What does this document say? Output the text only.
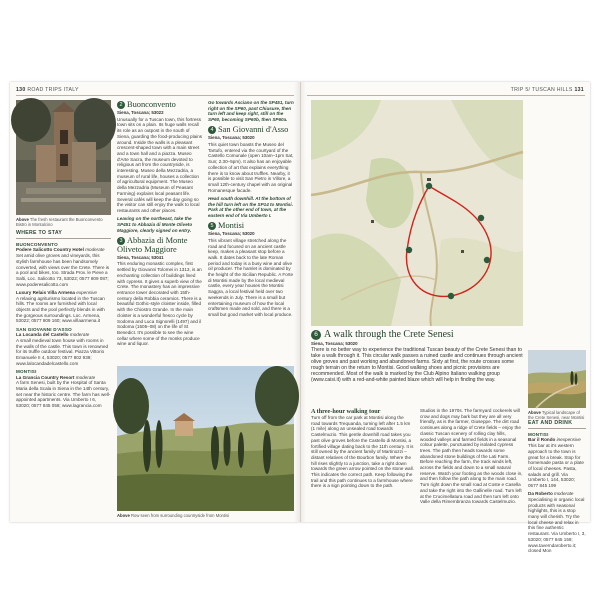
130 ROAD TRIPS ITALY
Above The fresh restaurant the Buonconvento Bistro in Montalcino
WHERE TO STAY
BUONCONVENTO

Podere Salicotto Country Hotel moderate
Set amid olive groves and vineyards, this stylish farmhouse has been handsomely converted, with views over the Crete. There is a pool and bikes, too. Strada Prov. le Pieve a Salti, Loc. Salicotto 73, 53022; 0577 809 087; www.poderesalicotto.com

Luxury Relais Villa Armena expensive
A relaxing agriturismo located in the Tuscan hills. The rooms are furnished with local objects and the pool perfectly blends in with the gorgeous surroundings. Loc. Armena, 53022; 0577 809 160; www.villaarmena.it

SAN GIOVANNI D'ASSO

La Locanda del Castello moderate
A small medieval town house with rooms in the walls of the castle. This town is renowned for its truffle outdoor festival. Piazza Vittorio Emanuele II 4, 53020; 0577 802 939; www.lalocandadelcastello.com

MONTISI

La Grancia Country Resort moderate
A farm Senesi, built by the Hospital of Santa Maria della Scala in Siena in the 14th century, set near the historic centre. The farm has well-appointed apartments. Via Umberto I 6, 53020; 0577 845 058; www.lagrancia.com

2 Buonconvento
Siena, Toscana; 53022

Unusually for a Tuscan town, this fortress town sits on a plain. Its huge walls recall its role as an outpost in the south of Siena, guarding the food-producing plains around. Inside the walls is a pleasant crescent-shaped town with a main street and a town hall and a piazza. Museo d'Arte Sacra, the museum devoted to religious art from the countryside, is interesting. Museo della Mezzadria, a museum of rural life, houses a collection of agricultural equipment. The Museo della Mezzadria (Museum of Peasant Farming) explains local peasant life. Several cafés will keep the day going so the visitor can still enjoy the walk to local restaurants and other places.

Leaving on the northeast, take the SP451 to Abbazia di Monte Oliveto Maggiore, clearly signed on entry.

3 Abbazia di Monte Oliveto Maggiore
Siena, Toscana; 53041

This enduring monastic complex, first settled by Giovanni Tolomei in 1313, is an enchanting collection of buildings lined with cypress. It gives a superb view of the Crete. The monastery has an impressive entrance tower decorated with 15th-century della Robbia ceramics. There is a beautiful Gothic-style cloister inside, filled with the Chiostro Grande. In the main cloister is a wonderful fresco cycle by Sodoma and Luca Signorelli (1497) and il Sodoma (1505–08) on the life of St Benedict. It's possible to see the wine cellar where some of the monks produce wine and liquor.

Go towards Asciano on the SP451, turn right on the SP60, past Chiusure, then turn left and keep right, still on the SP60, becoming SP60b, then SP60a.

4 San Giovanni d'Asso
Siena, Toscana; 53020

This quiet town boasts the Museo del Tartufo, entered via the courtyard of the Castello Comunale (open 10am–1pm Sat, Sun; 2.30–5pm). It also has an enjoyable collection of art that explains everything there is to know about truffles. Nearby, it is possible to visit San Pietro in Villore, a small 12th-century chapel with an original Romanesque facade.

Head south downhill. At the bottom of the hill turn left on the SP14 to Montisi. Park at the other end of town, at the eastern end of Via Umberto I.

5 Montisi
Siena, Toscana; 53020

This vibrant village stretched along the road and focused on an ancient castle keep, makes a pleasant stop before a walk. It dates back to the late Roman period and today is a busy wine and olive oil producer. The hamlet is dominated by the height of the Sicilian Republic. A Forte di Montisi made by the local medieval castle, every year houses the Montisi Saggra, a local festival held over two weekends in July. There is a small but entertaining museum of how the local craftsmen made and sold, and there is a small but good market with local produce.

Above Row seen from surrounding countryside from Montisi
TRIP 5/ TUSCAN HILLS 131
6 A walk through the Crete Senesi
Siena, Toscana; 53020
There is no better way to experience the traditional Tuscan beauty of the Crete Senesi than to take a walk through it. This circular walk passes a ruined castle and continues through ancient olive groves and past working and abandoned farms. Sixty at first, the route crosses some rough terrain on the return to Montisi. Good walking shoes and picnic provisions are recommended. Most of the walk is marked by the Club Alpino Italiano walking group (www.caisi.it) with a red-and-white painted blaze which will help in finding the way.
A three-hour walking tour

Turn off from the car park at Montisi along the road towards Trequanda, turning left after 1.5 km (1 mile) along an unsealed road towards Castelmuzio. This gentle downhill road takes you past olive groves before the Castello di Montisi, a fortified village dating back to the 11th century. It is still owned by the ancient family of Martinozzi – distant relatives of the Bourbon family. Where the hill rises slightly to a junction, take a right down towards the green arrow pointed on the stone wall. This indicates the correct path. Keep following the trail and this path continues to a farmhouse where there is a sign pointing down to the path.

Studios in the 1970s. The farmyard cockerels will crow and dogs may bark but they are all very friendly, as is the farmer, Giuseppe. The dirt road continues along a ridge of Crete fields – enjoy the classic Tuscan scenery of rolling clay hills, wooded valleys and farmed fields in a seasonal colour palette, punctuated by isolated cypress trees. The path then heads towards some abandoned stone buildings of the Lati Farm. Before reaching the farm, the track winds left, across the fields and down to a small natural reserve. Watch your footing as the woods close in, and then follow the path along to the main road. Turn right down the small road at Coste e Casella and take the right into the Gallinelle road. Turn left at the Crucimellatura road and then turn left onto Valle della Rimembranza towards Castelmuzio.

Above Typical landscape of the Crete Senesi, near Montisi
EAT AND DRINK
MONTISI

Bar il Rondo inexpensive
This bar at it's western approach to the town is great for a break. Stop for homemade pasta or a plate of local cheeses. Pasta, salads and grill. Via Umberto I, 144, 53020; 0577 845 199

Da Roberto moderate
Specialising in organic local products with seasonal highlights, this is a stop many will cherish. Try the local cheese and relax in this fine authentic restaurant. Via Umberto I, 3, 53020; 0577 845 159; www.taverndaroberto.it; closed Mon
